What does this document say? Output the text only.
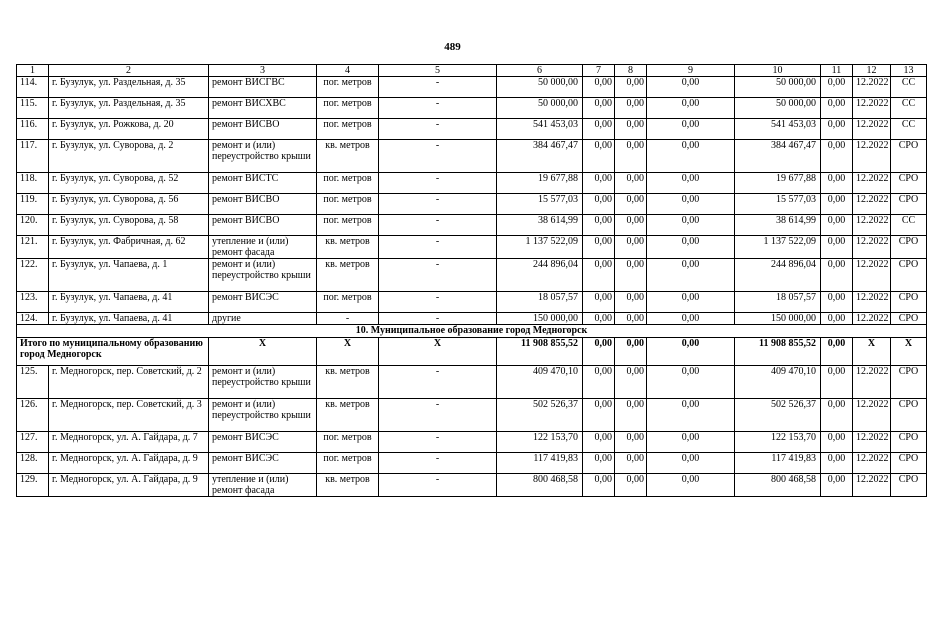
489
1	2	3	4	5	6	7	8	9	10	11	12	13
114.	г. Бузулук, ул. Раздельная, д. 35	ремонт ВИСГВС	пог. метров	-	50 000,00	0,00	0,00	0,00	50 000,00	0,00	12.2022	СС
115.	г. Бузулук, ул. Раздельная, д. 35	ремонт ВИСХВС	пог. метров	-	50 000,00	0,00	0,00	0,00	50 000,00	0,00	12.2022	СС
116.	г. Бузулук, ул. Рожкова, д. 20	ремонт ВИСВО	пог. метров	-	541 453,03	0,00	0,00	0,00	541 453,03	0,00	12.2022	СС
117.	г. Бузулук, ул. Суворова, д. 2	ремонт и (или) переустройство крыши	кв. метров	-	384 467,47	0,00	0,00	0,00	384 467,47	0,00	12.2022	СРО
118.	г. Бузулук, ул. Суворова, д. 52	ремонт ВИСТС	пог. метров	-	19 677,88	0,00	0,00	0,00	19 677,88	0,00	12.2022	СРО
119.	г. Бузулук, ул. Суворова, д. 56	ремонт ВИСВО	пог. метров	-	15 577,03	0,00	0,00	0,00	15 577,03	0,00	12.2022	СРО
120.	г. Бузулук, ул. Суворова, д. 58	ремонт ВИСВО	пог. метров	-	38 614,99	0,00	0,00	0,00	38 614,99	0,00	12.2022	СС
121.	г. Бузулук, ул. Фабричная, д. 62	утепление и (или) ремонт фасада	кв. метров	-	1 137 522,09	0,00	0,00	0,00	1 137 522,09	0,00	12.2022	СРО
122.	г. Бузулук, ул. Чапаева, д. 1	ремонт и (или) переустройство крыши	кв. метров	-	244 896,04	0,00	0,00	0,00	244 896,04	0,00	12.2022	СРО
123.	г. Бузулук, ул. Чапаева, д. 41	ремонт ВИСЭС	пог. метров	-	18 057,57	0,00	0,00	0,00	18 057,57	0,00	12.2022	СРО
124.	г. Бузулук, ул. Чапаева, д. 41	другие	-	-	150 000,00	0,00	0,00	0,00	150 000,00	0,00	12.2022	СРО
10. Муниципальное образование город Медногорск												
Итого по муниципальному образованию город Медногорск		X	X	X	11 908 855,52	0,00	0,00	0,00	11 908 855,52	0,00	X	X
125.	г. Медногорск, пер. Советский, д. 2	ремонт и (или) переустройство крыши	кв. метров	-	409 470,10	0,00	0,00	0,00	409 470,10	0,00	12.2022	СРО
126.	г. Медногорск, пер. Советский, д. 3	ремонт и (или) переустройство крыши	кв. метров	-	502 526,37	0,00	0,00	0,00	502 526,37	0,00	12.2022	СРО
127.	г. Медногорск, ул. А. Гайдара, д. 7	ремонт ВИСЭС	пог. метров	-	122 153,70	0,00	0,00	0,00	122 153,70	0,00	12.2022	СРО
128.	г. Медногорск, ул. А. Гайдара, д. 9	ремонт ВИСЭС	пог. метров	-	117 419,83	0,00	0,00	0,00	117 419,83	0,00	12.2022	СРО
129.	г. Медногорск, ул. А. Гайдара, д. 9	утепление и (или) ремонт фасада	кв. метров	-	800 468,58	0,00	0,00	0,00	800 468,58	0,00	12.2022	СРО
